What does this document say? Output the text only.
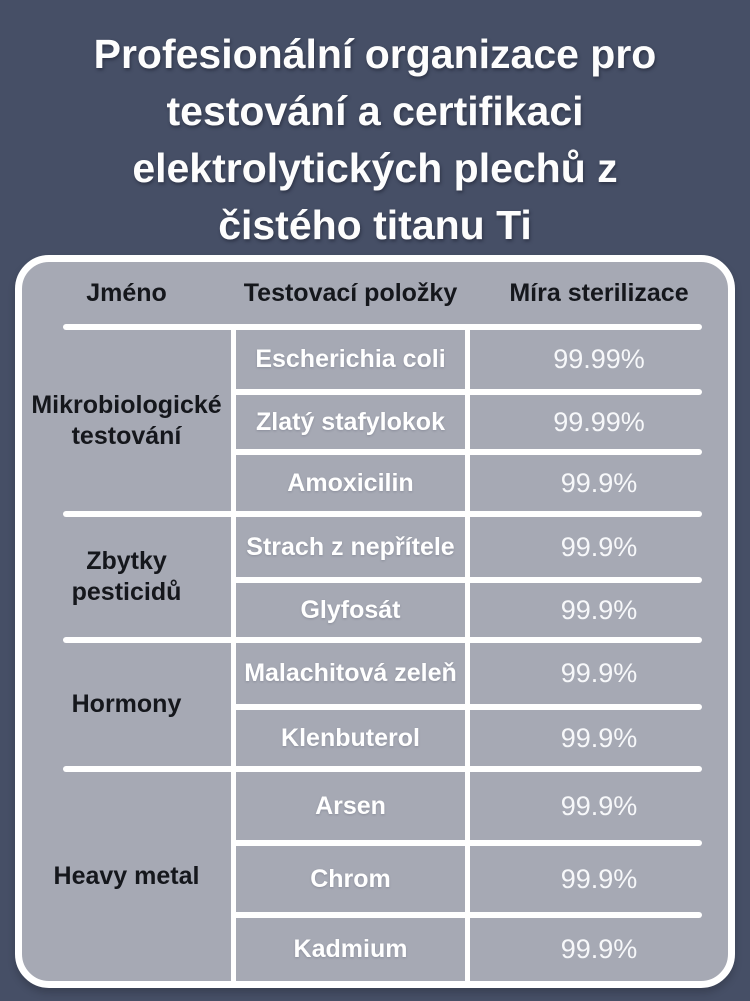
Profesionální organizace pro
testování a certifikaci
elektrolytických plechů z
čistého titanu Ti
Jméno	Testovací položky	Míra sterilizace
Mikrobiologické testování
Zbytky pesticidů
Hormony
Heavy metal
Escherichia coli
Zlatý stafylokok
Amoxicilin
Strach z nepřítele
Glyfosát
Malachitová zeleň
Klenbuterol
Arsen
Chrom
Kadmium
99.99%
99.99%
99.9%
99.9%
99.9%
99.9%
99.9%
99.9%
99.9%
99.9%
